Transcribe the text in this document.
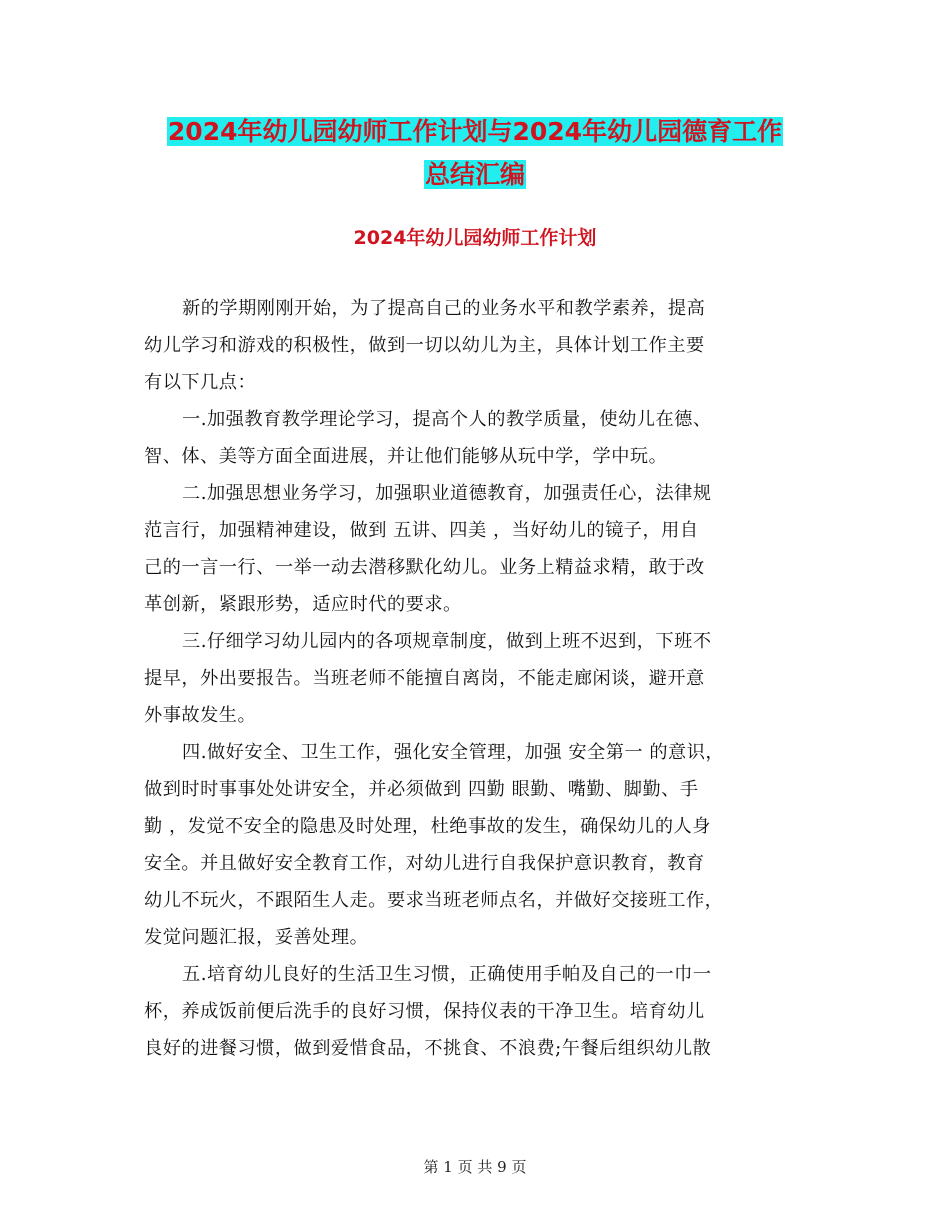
2024年幼儿园幼师工作计划与2024年幼儿园德育工作
总结汇编
2024年幼儿园幼师工作计划
新的学期刚刚开始，为了提高自己的业务水平和教学素养，提高
幼儿学习和游戏的积极性，做到一切以幼儿为主，具体计划工作主要
有以下几点：
一.加强教育教学理论学习，提高个人的教学质量，使幼儿在德、
智、体、美等方面全面进展，并让他们能够从玩中学，学中玩。
二.加强思想业务学习，加强职业道德教育，加强责任心，法律规
范言行，加强精神建设，做到 五讲、四美 ，当好幼儿的镜子，用自
己的一言一行、一举一动去潜移默化幼儿。业务上精益求精，敢于改
革创新，紧跟形势，适应时代的要求。
三.仔细学习幼儿园内的各项规章制度，做到上班不迟到，下班不
提早，外出要报告。当班老师不能擅自离岗，不能走廊闲谈，避开意
外事故发生。
四.做好安全、卫生工作，强化安全管理，加强 安全第一 的意识，
做到时时事事处处讲安全，并必须做到 四勤 眼勤、嘴勤、脚勤、手
勤 ，发觉不安全的隐患及时处理，杜绝事故的发生，确保幼儿的人身
安全。并且做好安全教育工作，对幼儿进行自我保护意识教育，教育
幼儿不玩火，不跟陌生人走。要求当班老师点名，并做好交接班工作，
发觉问题汇报，妥善处理。
五.培育幼儿良好的生活卫生习惯，正确使用手帕及自己的一巾一
杯，养成饭前便后洗手的良好习惯，保持仪表的干净卫生。培育幼儿
良好的进餐习惯，做到爱惜食品，不挑食、不浪费;午餐后组织幼儿散
第 1 页 共 9 页
